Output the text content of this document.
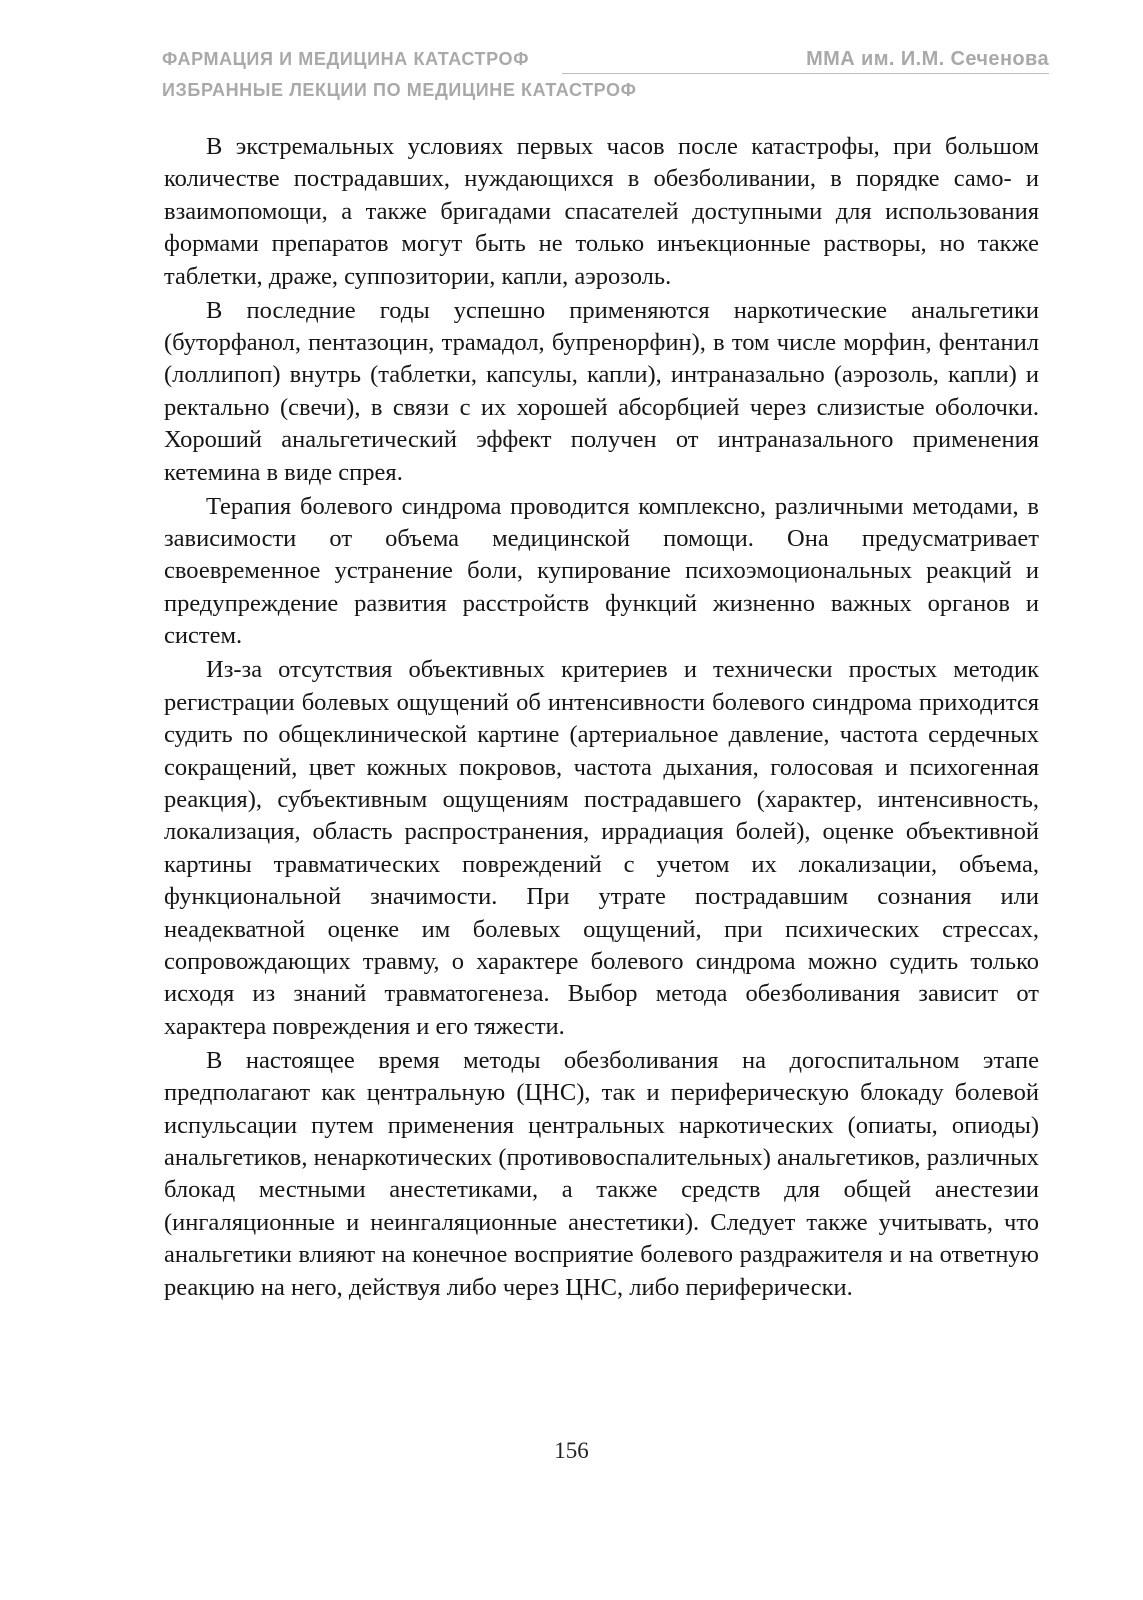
ФАРМАЦИЯ И МЕДИЦИНА КАТАСТРОФ	ММА им. И.М. Сеченова
ИЗБРАННЫЕ ЛЕКЦИИ ПО МЕДИЦИНЕ КАТАСТРОФ

В экстремальных условиях первых часов после катастрофы, при большом количестве пострадавших, нуждающихся в обезболивании, в порядке само- и взаимопомощи, а также бригадами спасателей доступными для использования формами препаратов могут быть не только инъекционные растворы, но также таблетки, драже, суппозитории, капли, аэрозоль.

В последние годы успешно применяются наркотические анальгетики (буторфанол, пентазоцин, трамадол, бупренорфин), в том числе морфин, фентанил (лоллипоп) внутрь (таблетки, капсулы, капли), интраназально (аэрозоль, капли) и ректально (свечи), в связи с их хорошей абсорбцией через слизистые оболочки. Хороший анальгетический эффект получен от интраназального применения кетемина в виде спрея.

Терапия болевого синдрома проводится комплексно, различными методами, в зависимости от объема медицинской помощи. Она предусматривает своевременное устранение боли, купирование психоэмоциональных реакций и предупреждение развития расстройств функций жизненно важных органов и систем.

Из-за отсутствия объективных критериев и технически простых методик регистрации болевых ощущений об интенсивности болевого синдрома приходится судить по общеклинической картине (артериальное давление, частота сердечных сокращений, цвет кожных покровов, частота дыхания, голосовая и психогенная реакция), субъективным ощущениям пострадавшего (характер, интенсивность, локализация, область распространения, иррадиация болей), оценке объективной картины травматических повреждений с учетом их локализации, объема, функциональной значимости. При утрате пострадавшим сознания или неадекватной оценке им болевых ощущений, при психических стрессах, сопровождающих травму, о характере болевого синдрома можно судить только исходя из знаний травматогенеза. Выбор метода обезболивания зависит от характера повреждения и его тяжести.

В настоящее время методы обезболивания на догоспитальном этапе предполагают как центральную (ЦНС), так и периферическую блокаду болевой испульсации путем применения центральных наркотических (опиаты, опиоды) анальгетиков, ненаркотических (противовоспалительных) анальгетиков, различных блокад местными анестетиками, а также средств для общей анестезии (ингаляционные и неингаляционные анестетики). Следует также учитывать, что анальгетики влияют на конечное восприятие болевого раздражителя и на ответную реакцию на него, действуя либо через ЦНС, либо периферически.

156
